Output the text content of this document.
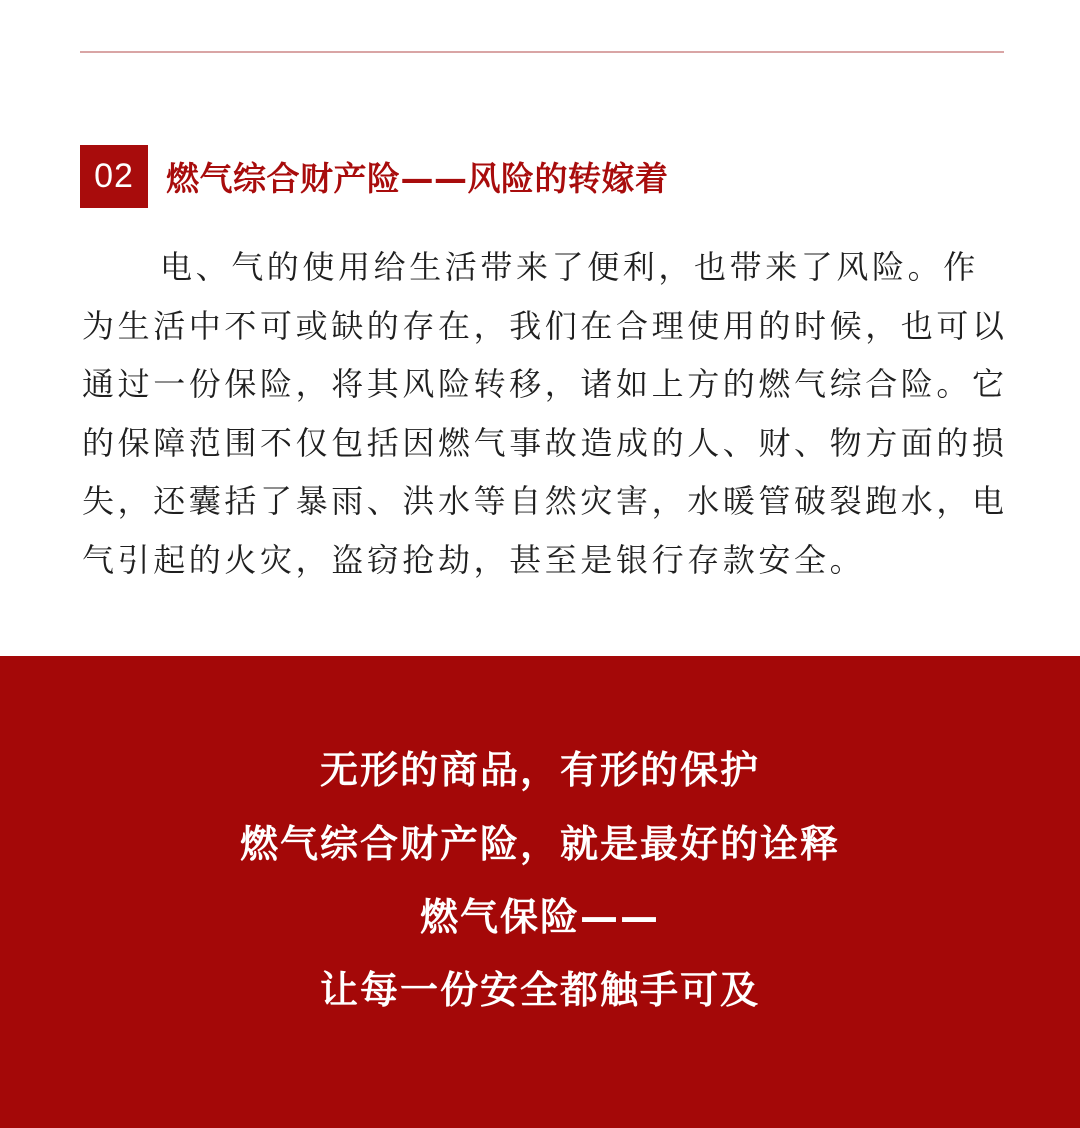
02 燃气综合财产险——风险的转嫁着

电、气的使用给生活带来了便利，也带来了风险。作为生活中不可或缺的存在，我们在合理使用的时候，也可以通过一份保险，将其风险转移，诸如上方的燃气综合险。它的保障范围不仅包括因燃气事故造成的人、财、物方面的损失，还囊括了暴雨、洪水等自然灾害，水暖管破裂跑水，电气引起的火灾，盗窃抢劫，甚至是银行存款安全。

无形的商品，有形的保护
燃气综合财产险，就是最好的诠释
燃气保险——
让每一份安全都触手可及
